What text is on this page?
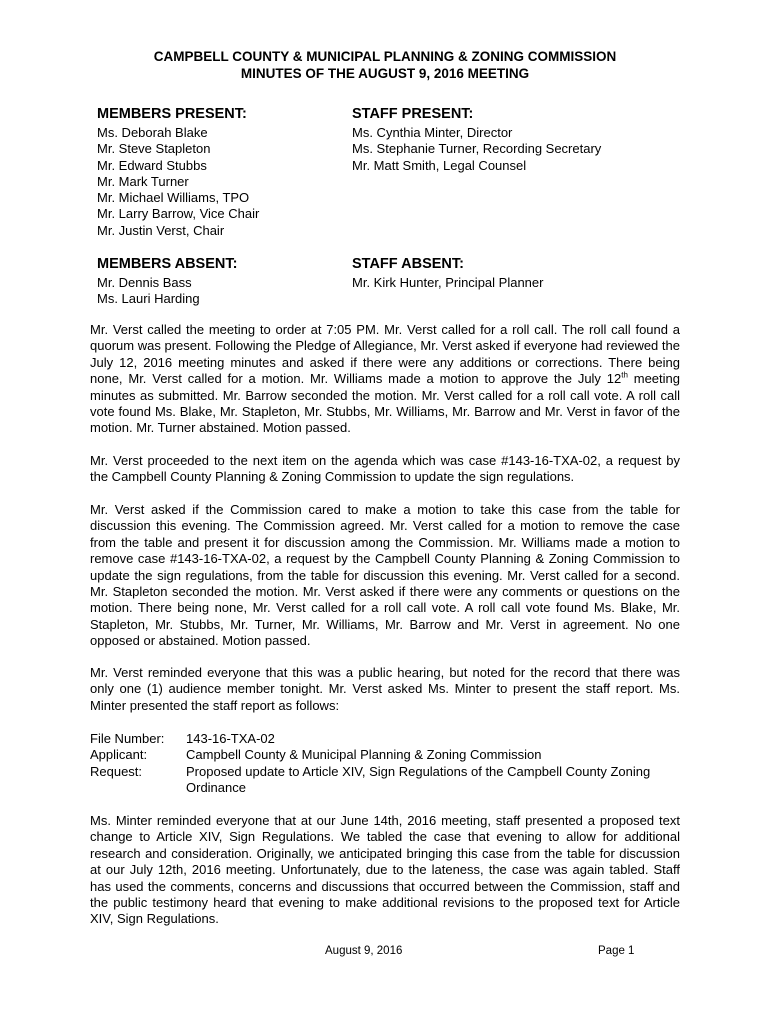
CAMPBELL COUNTY & MUNICIPAL PLANNING & ZONING COMMISSION
MINUTES OF THE AUGUST 9, 2016 MEETING
MEMBERS PRESENT:
Ms. Deborah Blake
Mr. Steve Stapleton
Mr. Edward Stubbs
Mr. Mark Turner
Mr. Michael Williams, TPO
Mr. Larry Barrow, Vice Chair
Mr. Justin Verst, Chair
STAFF PRESENT:
Ms. Cynthia Minter, Director
Ms. Stephanie Turner, Recording Secretary
Mr. Matt Smith, Legal Counsel
MEMBERS ABSENT:
Mr. Dennis Bass
Ms. Lauri Harding
STAFF ABSENT:
Mr. Kirk Hunter, Principal Planner

Mr. Verst called the meeting to order at 7:05 PM. Mr. Verst called for a roll call. The roll call found a quorum was present. Following the Pledge of Allegiance, Mr. Verst asked if everyone had reviewed the July 12, 2016 meeting minutes and asked if there were any additions or corrections. There being none, Mr. Verst called for a motion. Mr. Williams made a motion to approve the July 12th meeting minutes as submitted. Mr. Barrow seconded the motion. Mr. Verst called for a roll call vote. A roll call vote found Ms. Blake, Mr. Stapleton, Mr. Stubbs, Mr. Williams, Mr. Barrow and Mr. Verst in favor of the motion. Mr. Turner abstained. Motion passed.

Mr. Verst proceeded to the next item on the agenda which was case #143-16-TXA-02, a request by the Campbell County Planning & Zoning Commission to update the sign regulations.

Mr. Verst asked if the Commission cared to make a motion to take this case from the table for discussion this evening. The Commission agreed. Mr. Verst called for a motion to remove the case from the table and present it for discussion among the Commission. Mr. Williams made a motion to remove case #143-16-TXA-02, a request by the Campbell County Planning & Zoning Commission to update the sign regulations, from the table for discussion this evening. Mr. Verst called for a second. Mr. Stapleton seconded the motion. Mr. Verst asked if there were any comments or questions on the motion. There being none, Mr. Verst called for a roll call vote. A roll call vote found Ms. Blake, Mr. Stapleton, Mr. Stubbs, Mr. Turner, Mr. Williams, Mr. Barrow and Mr. Verst in agreement. No one opposed or abstained. Motion passed.

Mr. Verst reminded everyone that this was a public hearing, but noted for the record that there was only one (1) audience member tonight. Mr. Verst asked Ms. Minter to present the staff report. Ms. Minter presented the staff report as follows:

File Number:	143-16-TXA-02
Applicant:	Campbell County & Municipal Planning & Zoning Commission
Request:	Proposed update to Article XIV, Sign Regulations of the Campbell County Zoning Ordinance

Ms. Minter reminded everyone that at our June 14th, 2016 meeting, staff presented a proposed text change to Article XIV, Sign Regulations. We tabled the case that evening to allow for additional research and consideration. Originally, we anticipated bringing this case from the table for discussion at our July 12th, 2016 meeting. Unfortunately, due to the lateness, the case was again tabled. Staff has used the comments, concerns and discussions that occurred between the Commission, staff and the public testimony heard that evening to make additional revisions to the proposed text for Article XIV, Sign Regulations.

August 9, 2016	Page 1
